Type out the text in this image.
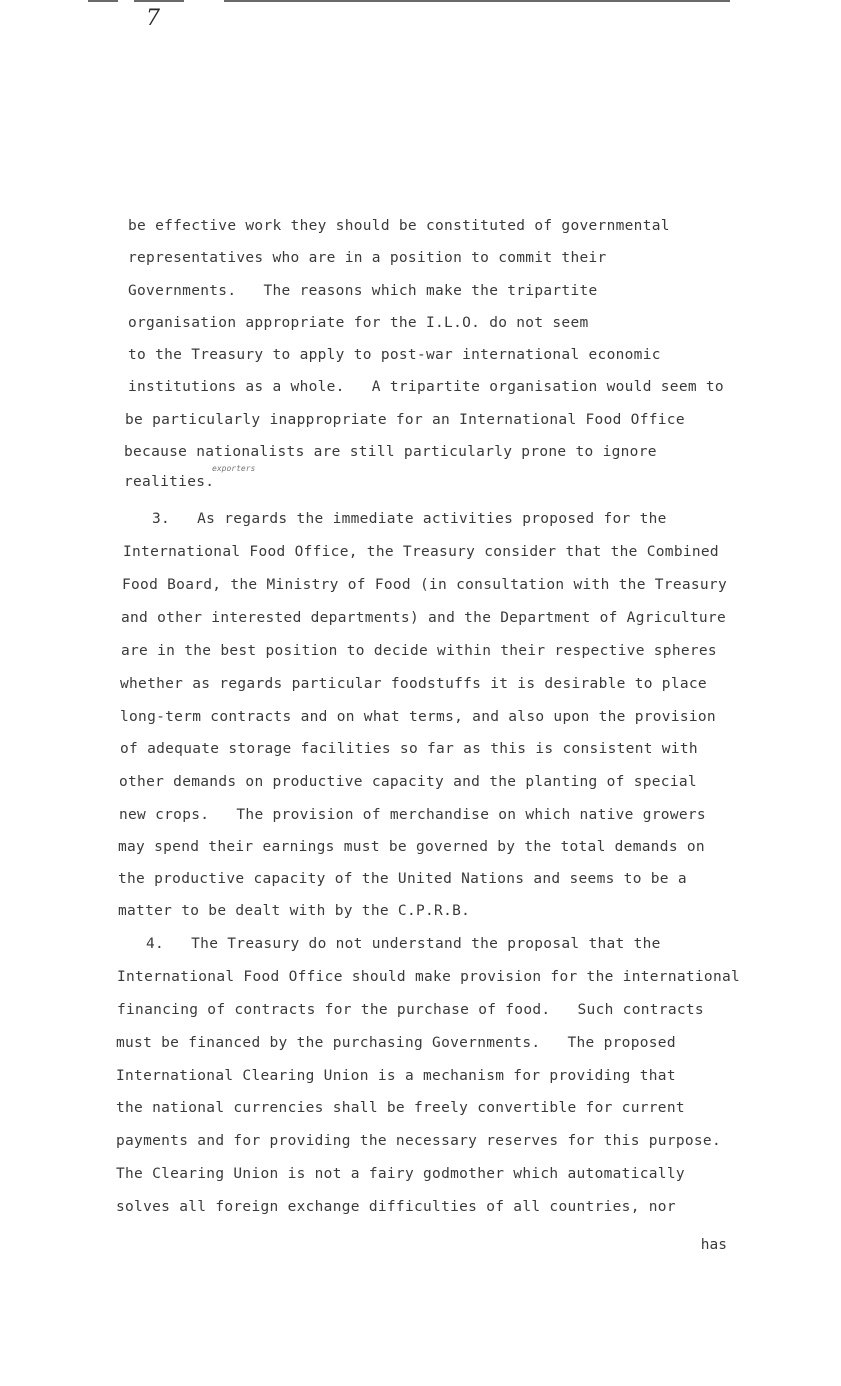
7

be effective work they should be constituted of governmental

representatives who are in a position to commit their

Governments.   The reasons which make the tripartite

organisation appropriate for the I.L.O. do not seem

to the Treasury to apply to post-war international economic

institutions as a whole.   A tripartite organisation would seem to

be particularly inappropriate for an International Food Office

because nationalists are still particularly prone to ignore

exporters

realities.

3.   As regards the immediate activities proposed for the

International Food Office, the Treasury consider that the Combined

Food Board, the Ministry of Food (in consultation with the Treasury

and other interested departments) and the Department of Agriculture

are in the best position to decide within their respective spheres

whether as regards particular foodstuffs it is desirable to place

long-term contracts and on what terms, and also upon the provision

of adequate storage facilities so far as this is consistent with

other demands on productive capacity and the planting of special

new crops.   The provision of merchandise on which native growers

may spend their earnings must be governed by the total demands on

the productive capacity of the United Nations and seems to be a

matter to be dealt with by the C.P.R.B.

4.   The Treasury do not understand the proposal that the

International Food Office should make provision for the international

financing of contracts for the purchase of food.   Such contracts

must be financed by the purchasing Governments.   The proposed

International Clearing Union is a mechanism for providing that

the national currencies shall be freely convertible for current

payments and for providing the necessary reserves for this purpose.

The Clearing Union is not a fairy godmother which automatically

solves all foreign exchange difficulties of all countries, nor

has
